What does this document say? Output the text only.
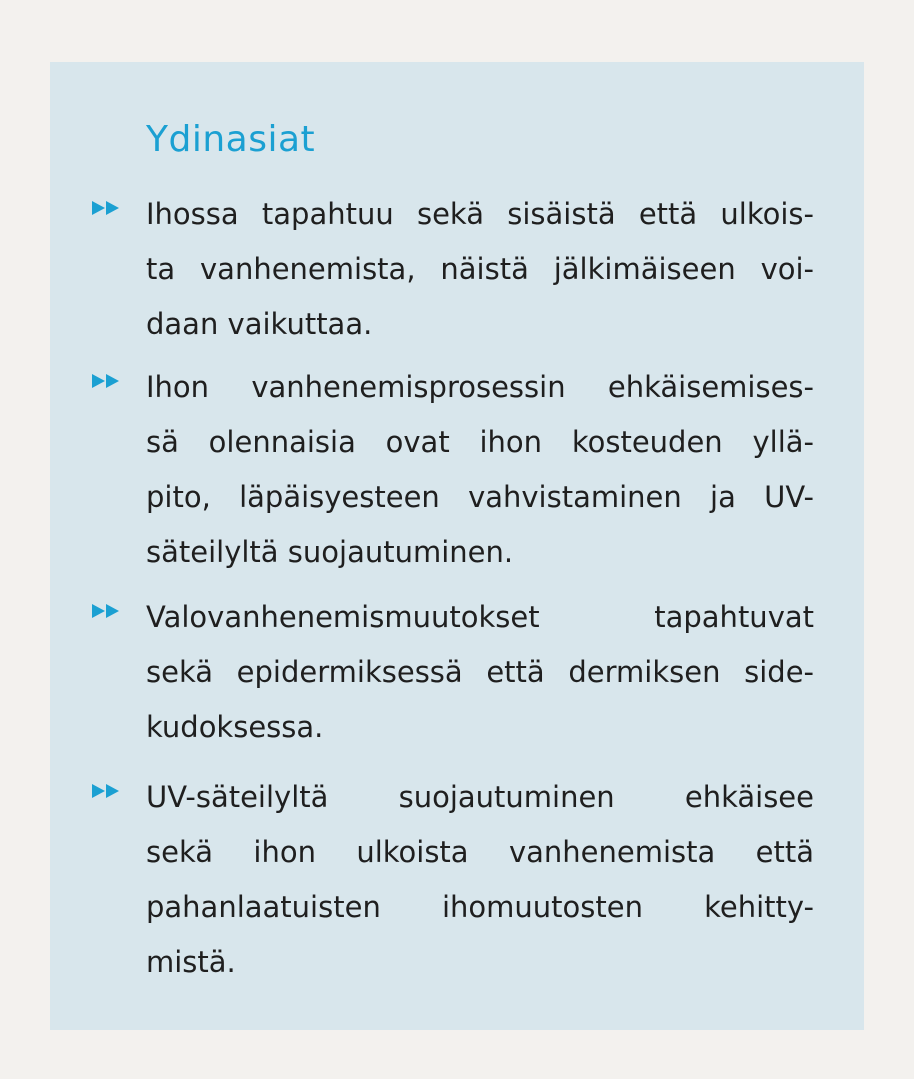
Ydinasiat
Ihossa tapahtuu sekä sisäistä että ulkois-
ta vanhenemista, näistä jälkimäiseen voi-
daan vaikuttaa.
Ihon vanhenemisprosessin ehkäisemises-
sä olennaisia ovat ihon kosteuden yllä-
pito, läpäisyesteen vahvistaminen ja UV-
säteilyltä suojautuminen.
Valovanhenemismuutokset tapahtuvat
sekä epidermiksessä että dermiksen side-
kudoksessa.
UV-säteilyltä suojautuminen ehkäisee
sekä ihon ulkoista vanhenemista että
pahanlaatuisten ihomuutosten kehitty-
mistä.
